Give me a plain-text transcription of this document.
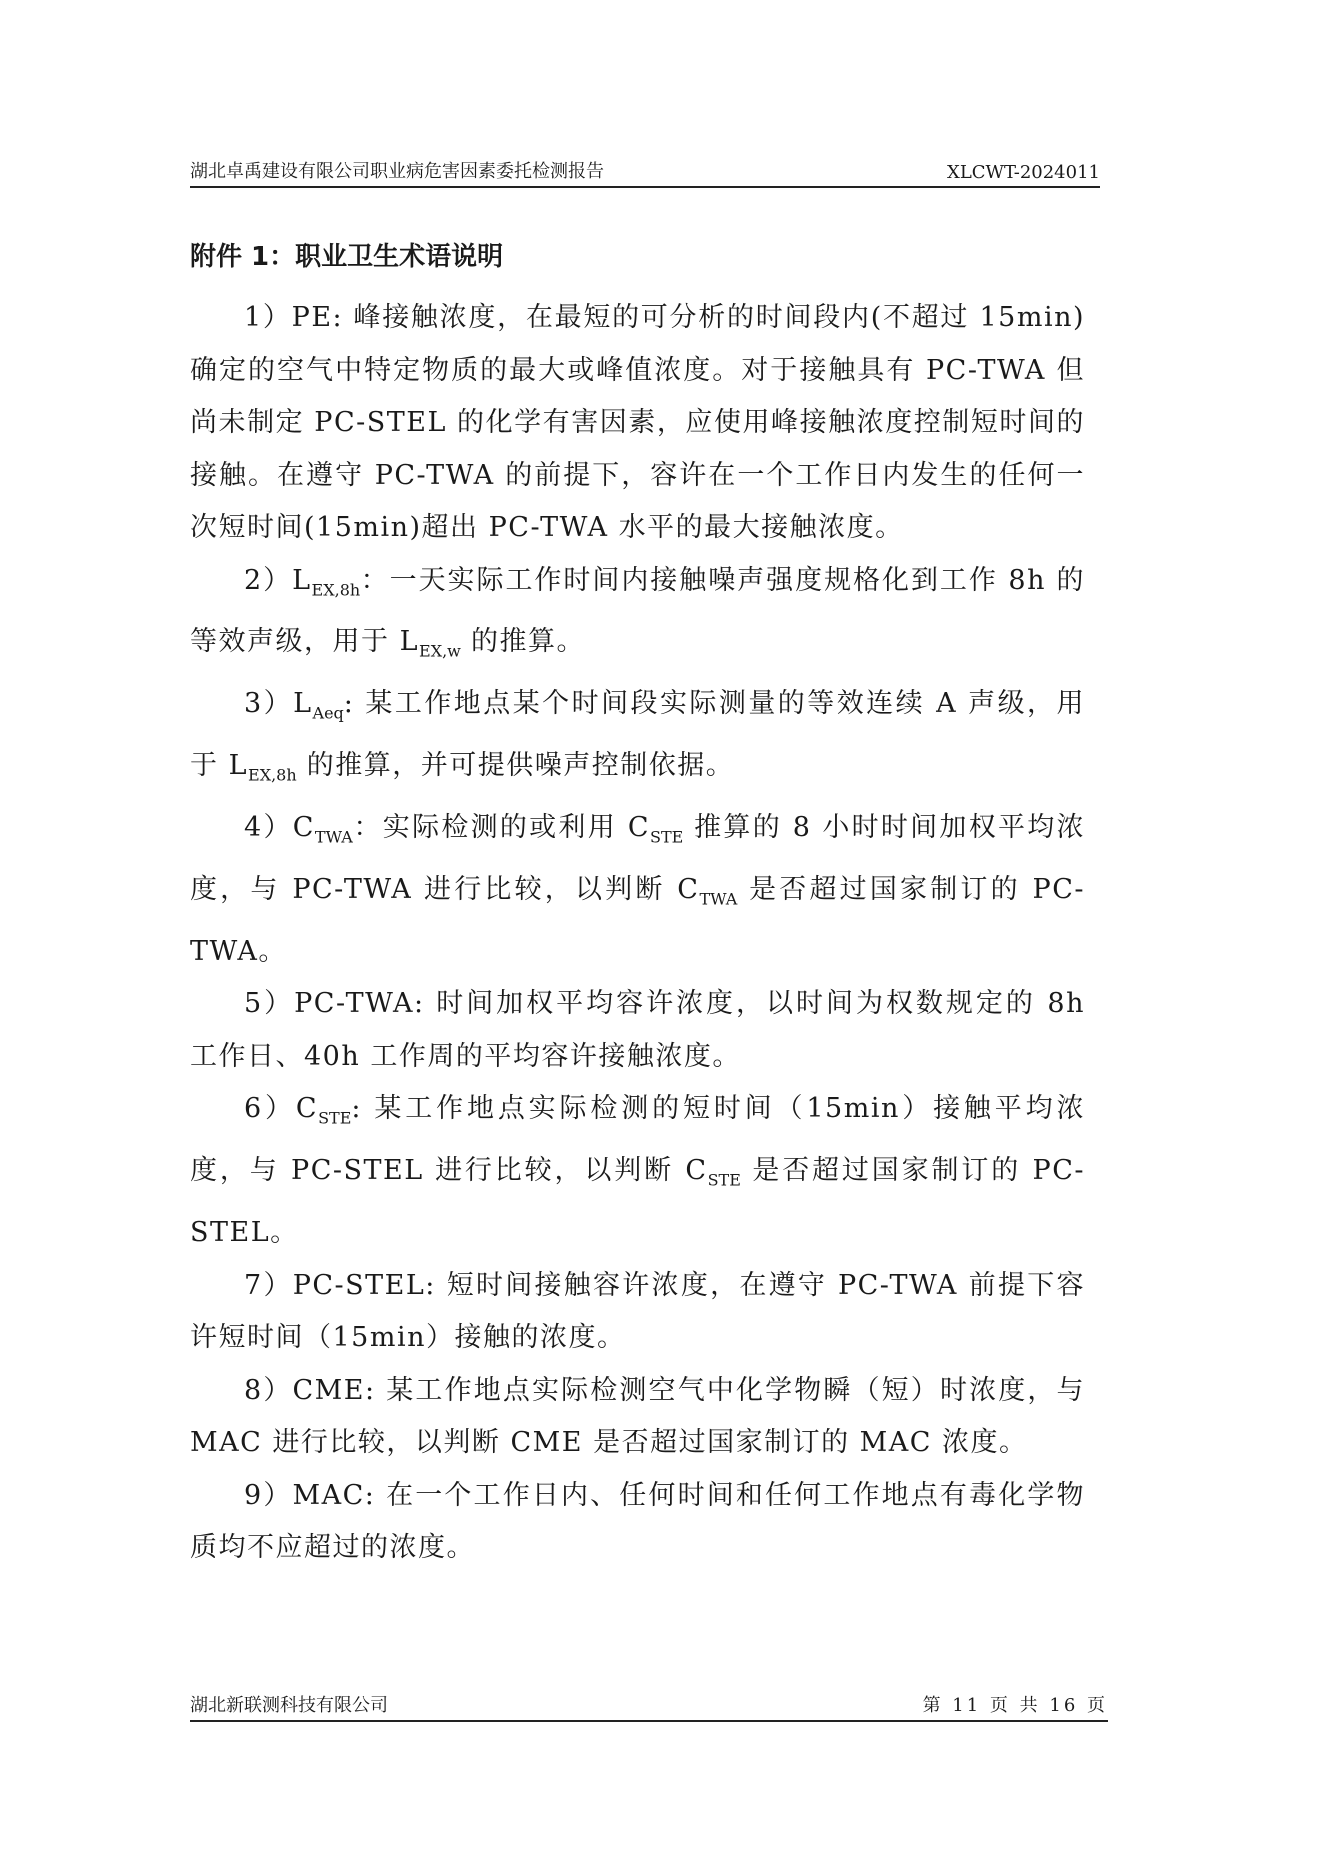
湖北卓禹建设有限公司职业病危害因素委托检测报告	XLCWT-2024011
附件 1：职业卫生术语说明

1）PE: 峰接触浓度，在最短的可分析的时间段内(不超过 15min)确定的空气中特定物质的最大或峰值浓度。对于接触具有 PC-TWA 但尚未制定 PC-STEL 的化学有害因素，应使用峰接触浓度控制短时间的接触。在遵守 PC-TWA 的前提下，容许在一个工作日内发生的任何一次短时间(15min)超出 PC-TWA 水平的最大接触浓度。

$2)L_{EX,8h}$：一天实际工作时间内接触噪声强度规格化到工作 8h 的等效声级，用于 $L_{EX,w}$ 的推算。

$3)L_{Aeq}$: 某工作地点某个时间段实际测量的等效连续 A 声级，用于 $L_{EX,8h}$ 的推算，并可提供噪声控制依据。

$4)C_{TWA}$：实际检测的或利用 $C_{STE}$ 推算的 8 小时时间加权平均浓度，与 PC-TWA 进行比较，以判断 $C_{TWA}$ 是否超过国家制订的 PC-TWA。

5）PC-TWA: 时间加权平均容许浓度，以时间为权数规定的 8h 工作日、40h 工作周的平均容许接触浓度。

$6)C_{STE}$: 某工作地点实际检测的短时间（15min）接触平均浓度，与 PC-STEL 进行比较，以判断 $C_{STE}$ 是否超过国家制订的 PC-STEL。

7）PC-STEL: 短时间接触容许浓度，在遵守 PC-TWA 前提下容许短时间（15min）接触的浓度。

8）CME: 某工作地点实际检测空气中化学物瞬（短）时浓度，与 MAC 进行比较，以判断 CME 是否超过国家制订的 MAC 浓度。

9）MAC: 在一个工作日内、任何时间和任何工作地点有毒化学物质均不应超过的浓度。

湖北新联测科技有限公司	第 11 页 共 16 页
